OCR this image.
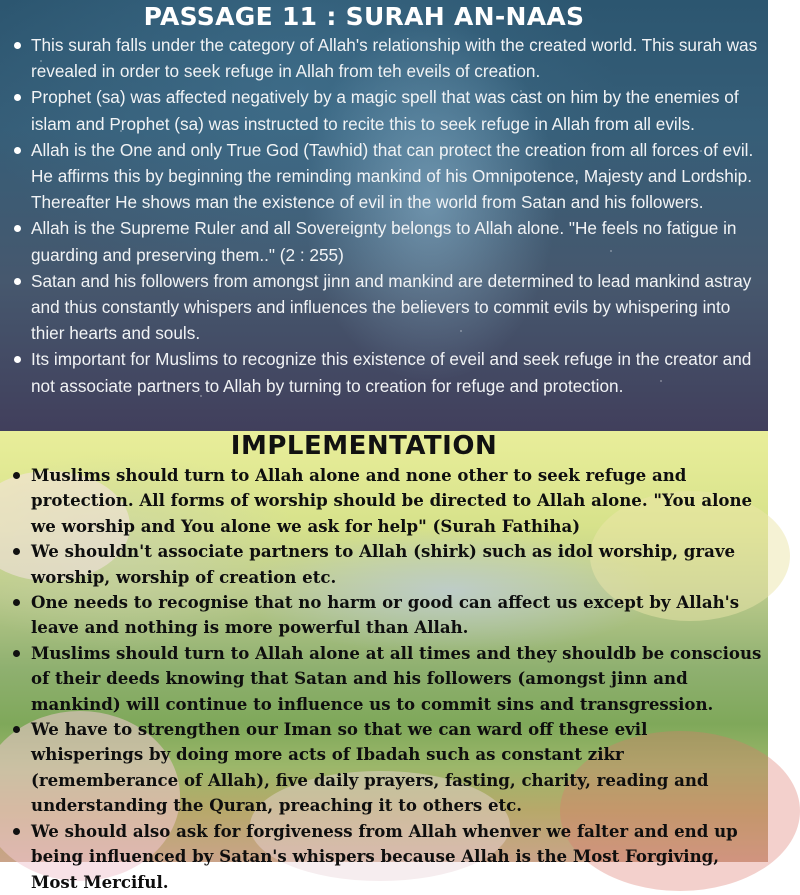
PASSAGE 11 : SURAH AN-NAAS
This surah falls under the category of Allah's relationship with the created world. This surah was revealed in order to seek refuge in Allah from teh eveils of creation.
Prophet (sa) was affected negatively by a magic spell that was cast on him by the enemies of islam and Prophet (sa) was instructed to recite this to seek refuge in Allah from all evils.
Allah is the One and only True God (Tawhid) that can protect the creation from all forces of evil. He affirms this by beginning the reminding mankind of his Omnipotence, Majesty and Lordship. Thereafter He shows man the existence of evil in the world from Satan and his followers.
Allah is the Supreme Ruler and all Sovereignty belongs to Allah alone. "He feels no fatigue in guarding and preserving them.." (2 : 255)
Satan and his followers from amongst jinn and mankind are determined to lead mankind astray and thus constantly whispers and influences the believers to commit evils by whispering into thier hearts and souls.
Its important for Muslims to recognize this existence of eveil and seek refuge in the creator and not associate partners to Allah by turning to creation for refuge and protection.
IMPLEMENTATION
Muslims should turn to Allah alone and none other to seek refuge and protection. All forms of worship should be directed to Allah alone. "You alone we worship and You alone we ask for help" (Surah Fathiha)
We shouldn't associate partners to Allah (shirk) such as idol worship, grave worship, worship of creation etc.
One needs to recognise that no harm or good can affect us except by Allah's leave and nothing is more powerful than Allah.
Muslims should turn to Allah alone at all times and they shouldb be conscious of their deeds knowing that Satan and his followers (amongst jinn and mankind) will continue to influence us to commit sins and transgression.
We have to strengthen our Iman so that we can ward off these evil whisperings by doing more acts of Ibadah such as constant zikr (rememberance of Allah), five daily prayers, fasting, charity, reading and understanding the Quran, preaching it to others etc.
We should also ask for forgiveness from Allah whenver we falter and end up being influenced by Satan's whispers because Allah is the Most Forgiving, Most Merciful.
